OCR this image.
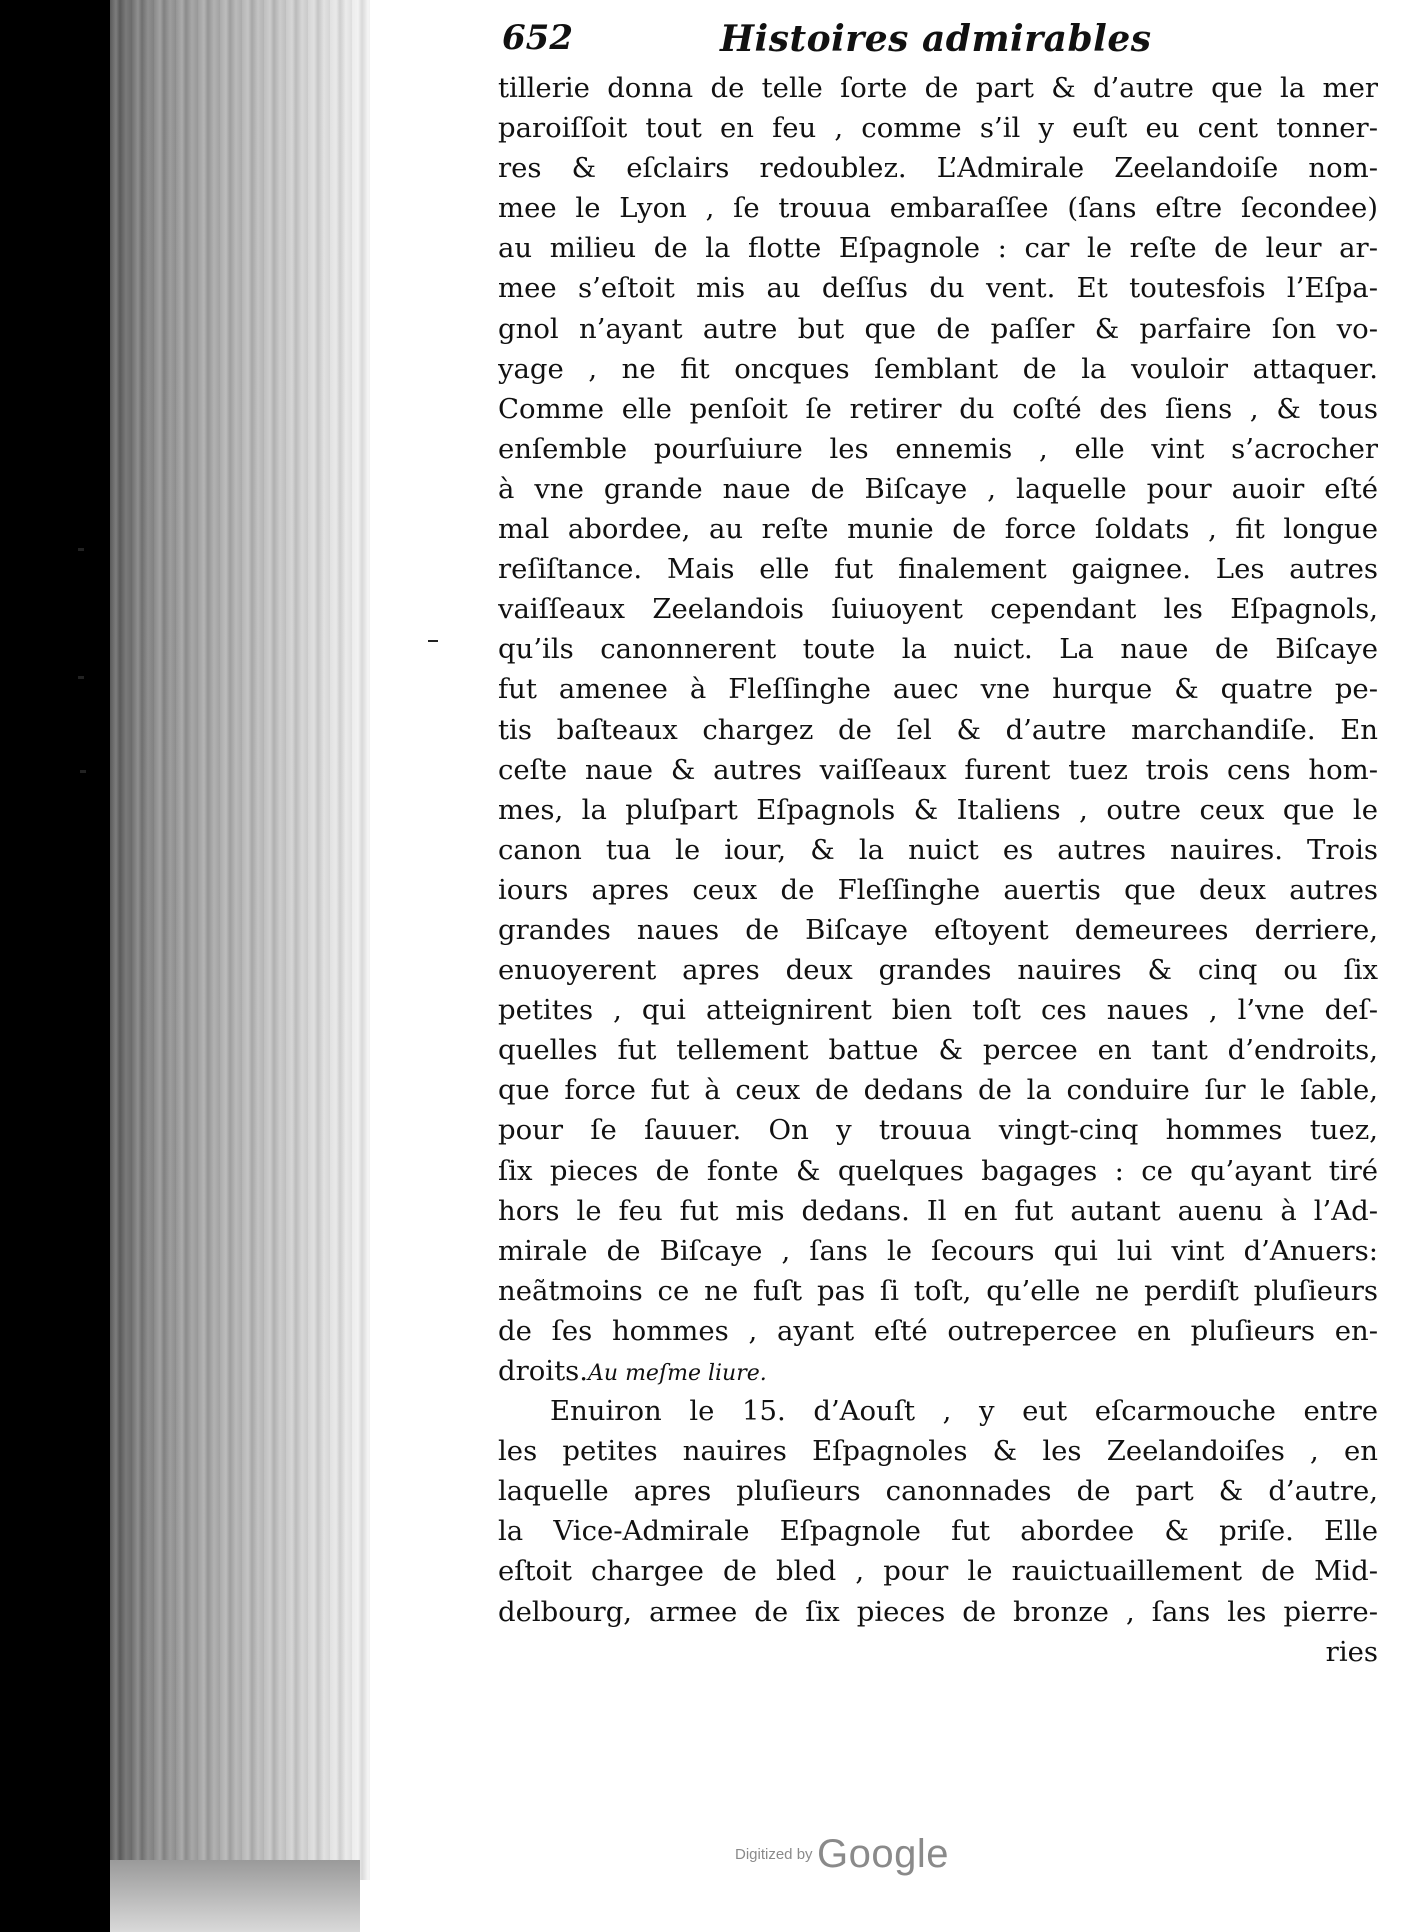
652	Histoires admirables
tillerie donna de telle ſorte de part & d’autre que la mer
paroiſſoit tout en feu , comme s’il y euſt eu cent tonner-
res & eſclairs redoublez. L’Admirale Zeelandoiſe nom-
mee le Lyon , ſe trouua embaraſſee (ſans eſtre ſecondee)
au milieu de la flotte Eſpagnole : car le reſte de leur ar-
mee s’eſtoit mis au deſſus du vent. Et toutesfois l’Eſpa-
gnol n’ayant autre but que de paſſer & parfaire ſon vo-
yage , ne fit oncques ſemblant de la vouloir attaquer.
Comme elle penſoit ſe retirer du coſté des ſiens , & tous
enſemble pourſuiure les ennemis , elle vint s’acrocher
à vne grande naue de Biſcaye , laquelle pour auoir eſté
mal abordee, au reſte munie de force ſoldats , fit longue
reſiſtance. Mais elle fut finalement gaignee. Les autres
vaiſſeaux Zeelandois ſuiuoyent cependant les Eſpagnols,
qu’ils canonnerent toute la nuict. La naue de Biſcaye
fut amenee à Fleſſinghe auec vne hurque & quatre pe-
tis baſteaux chargez de ſel & d’autre marchandiſe. En
ceſte naue & autres vaiſſeaux furent tuez trois cens hom-
mes, la pluſpart Eſpagnols & Italiens , outre ceux que le
canon tua le iour, & la nuict es autres nauires. Trois
iours apres ceux de Fleſſinghe auertis que deux autres
grandes naues de Biſcaye eſtoyent demeurees derriere,
enuoyerent apres deux grandes nauires & cinq ou ſix
petites , qui atteignirent bien toſt ces naues , l’vne deſ-
quelles fut tellement battue & percee en tant d’endroits,
que force fut à ceux de dedans de la conduire ſur le ſable,
pour ſe ſauuer. On y trouua vingt-cinq hommes tuez,
ſix pieces de fonte & quelques bagages : ce qu’ayant tiré
hors le feu fut mis dedans. Il en fut autant auenu à l’Ad-
mirale de Biſcaye , ſans le ſecours qui lui vint d’Anuers:
neãtmoins ce ne fuſt pas ſi toſt, qu’elle ne perdiſt pluſieurs
de ſes hommes , ayant eſté outrepercee en pluſieurs en-
droits.Au meſme liure.
Enuiron le 15. d’Aouſt , y eut eſcarmouche entre
les petites nauires Eſpagnoles & les Zeelandoiſes , en
laquelle apres pluſieurs canonnades de part & d’autre,
la Vice-Admirale Eſpagnole fut abordee & priſe. Elle
eſtoit chargee de bled , pour le rauictuaillement de Mid-
delbourg, armee de ſix pieces de bronze , ſans les pierre-
ries
Digitized by Google
